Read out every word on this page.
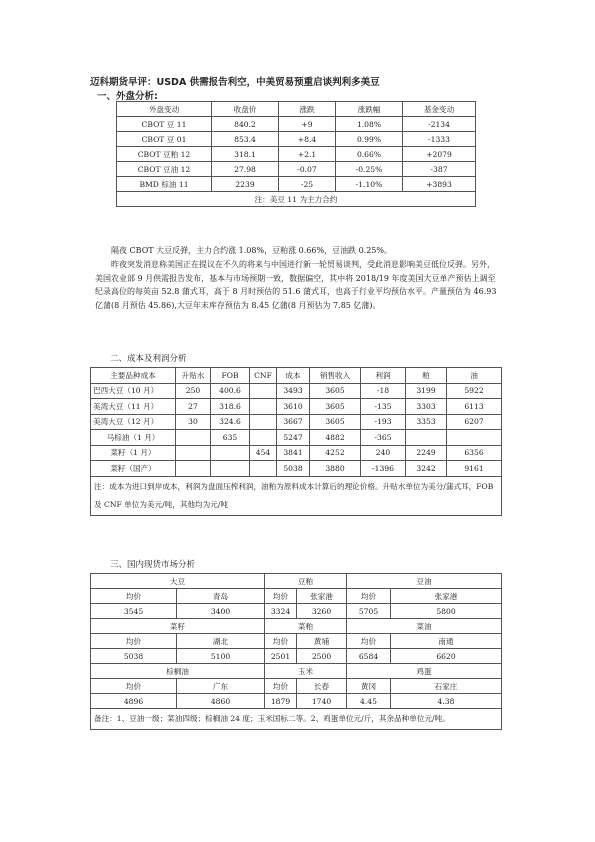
迈科期货早评：USDA 供需报告利空，中美贸易预重启谈判利多美豆
一、外盘分析:
外盘变动	收盘价	涨跌	涨跌幅	基金变动
CBOT 豆 11	840.2	+9	1.08%	-2134
CBOT 豆 01	853.4	+8.4	0.99%	-1333
CBOT 豆粕 12	318.1	+2.1	0.66%	+2079
CBOT 豆油 12	27.98	-0.07	-0.25%	-387
BMD 棕油 11	2239	-25	-1.10%	+3893
注：美豆 11 为主力合约				

隔夜 CBOT 大豆反弹，主力合约涨 1.08%，豆粕涨 0.66%，豆油跌 0.25%。

昨夜突发消息称美国正在提议在不久的将来与中国进行新一轮贸易谈判，受此消息影响美豆低位反弹。另外，美国农业部 9 月供需报告发布，基本与市场预期一致，数据偏空，其中将 2018/19 年度美国大豆单产预估上调至纪录高位的每英亩 52.8 蒲式耳，高于 8 月时预估的 51.6 蒲式耳，也高于行业平均预估水平。产量预估为 46.93 亿蒲(8 月预估 45.86),大豆年末库存预估为 8.45 亿蒲(8 月预估为 7.85 亿蒲)。

二、成本及利润分析
主要品种成本	升贴水	FOB	CNF	成本	销售收入	利润	粕	油
巴西大豆（10 月）	250	400.6		3493	3605	-18	3199	5922
美湾大豆（11 月）	27	318.6		3610	3605	-135	3303	6113
美湾大豆（12 月）	30	324.6		3667	3605	-193	3353	6207
马棕油（1 月）		635		5247	4882	-365		
菜籽（1 月）			454	3841	4252	240	2249	6356
菜籽（国产）				5038	3880	-1396	3242	9161
注：成本为进口到岸成本，利润为盘面压榨利润，油粕为原料成本计算后的理论价格。升贴水单位为美分/蒲式耳，FOB 及 CNF 单位为美元/吨，其他均为元/吨								
三、国内现货市场分析
大豆		豆粕		豆油	
均价	青岛	均价	张家港	均价	张家港
3545	3400	3324	3260	5705	5800
菜籽		菜粕		菜油	
均价	湖北	均价	黄埔	均价	南通
5038	5100	2501	2500	6584	6620
棕榈油		玉米		鸡蛋	
均价	广东	均价	长春	黄冈	石家庄
4896	4860	1879	1740	4.45	4.38
备注：1、豆油一级；菜油四级；棕榈油 24 度；玉米国标二等。2、鸡蛋单位元/斤，其余品种单位元/吨。					
